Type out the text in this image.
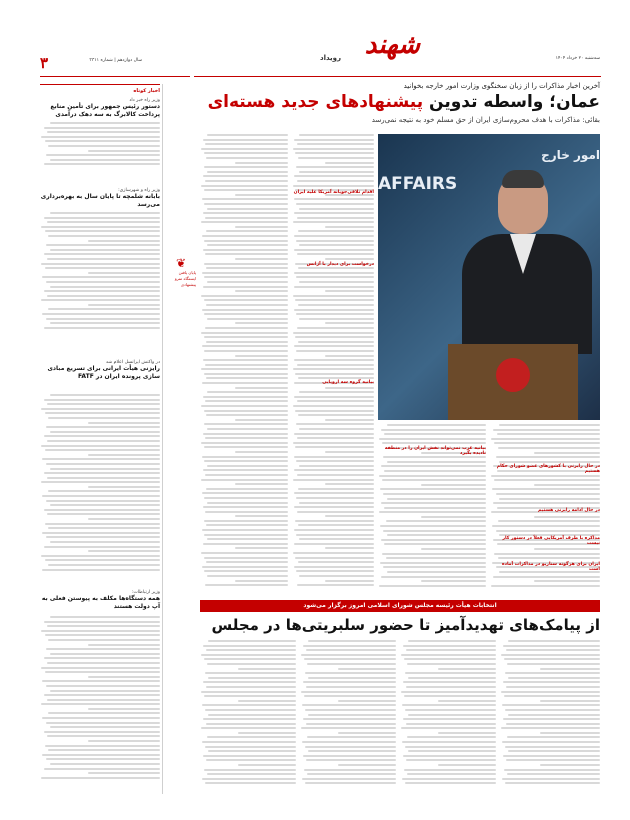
۳	سال دوازدهم | شماره ۳۳۱۱
شهند
رویداد	سه‌شنبه ۲۰ خرداد ۱۴۰۴
آخرین اخبار مذاکرات را از زبان سخنگوی وزارت امور خارجه بخوانید
عمان؛ واسطه تدوین پیشنهادهای جدید هسته‌ای
بقائی: مذاکرات با هدف محروم‌سازی ایران از حق مسلم خود به نتیجه نمی‌رسد
AFFAIRS
امور خارج
در حال رایزنی با کشورهای عضو شورای حکام هستیم
در حال ادامه رایزنی هستیم
مذاکره با طرف آمریکایی فعلاً در دستور کار نیست
ایران برای هرگونه سناریو در مذاکرات آماده است
بیانیه غرب نمی‌تواند نقش ایران را در منطقه نادیده بگیرد
اقدام تلافی‌جویانه آمریکا علیه ایران
درخواست برای دیدار با آژانس
بیانیه گروه سه اروپایی
❦
پایان یافتن ایستگاه مترو پیشنهادی
اخبار کوتاه
وزیر راه خبر داد
دستور رئیس جمهور برای تأمین منابع پرداخت کالابرگ به سه دهک درآمدی
وزیر راه و شهرسازی:
بابانه شلمچه تا پایان سال به بهره‌برداری می‌رسد
در واکنش ایرانسل اعلام شد
رایزنی هیأت ایرانی برای تسریع مبادی سازی پرونده ایران در FATF
وزیر ارتباطات:
همه دستگاه‌ها مکلف به پیوستن فعلی به آپ دولت هستند	انتخابات هیأت رئیسه مجلس شورای اسلامی امروز برگزار می‌شود
از پیامک‌های تهدیدآمیز تا حضور سلبریتی‌ها در مجلس
